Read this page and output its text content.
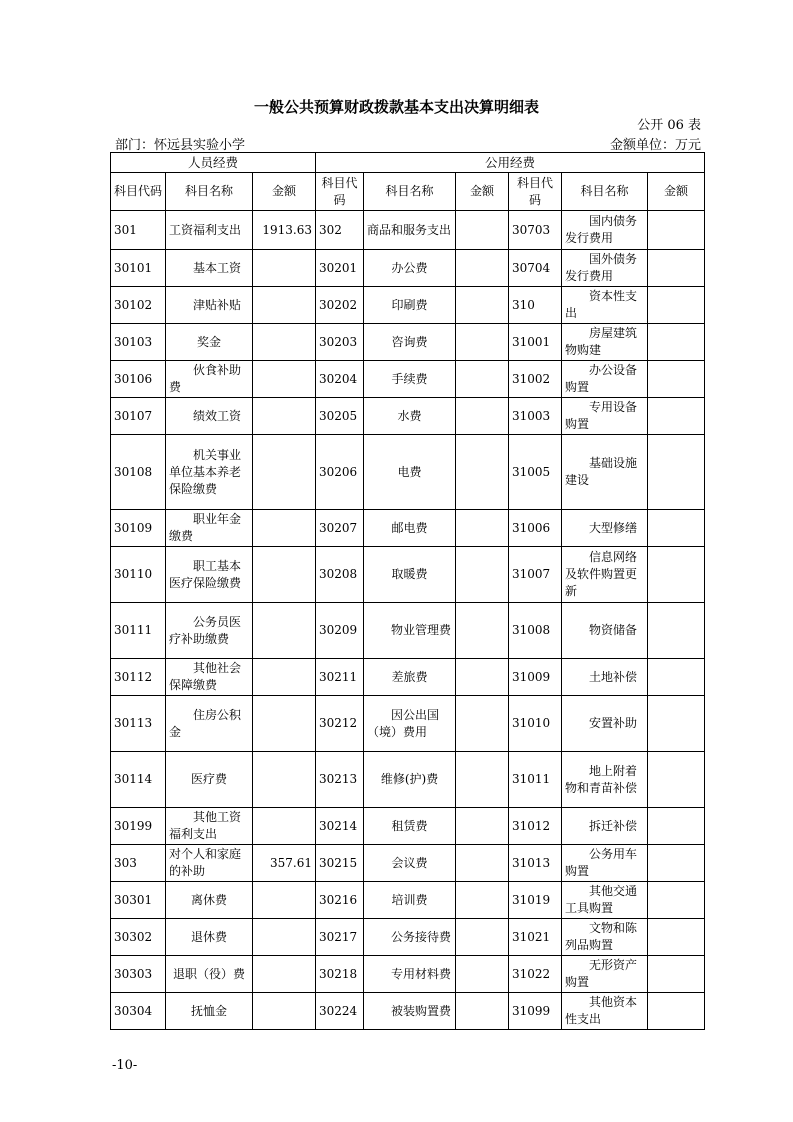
一般公共预算财政拨款基本支出决算明细表
公开 06 表
部门：怀远县实验小学	金额单位：万元
人员经费			公用经费					
科目代码	科目名称	金额	科目代码	科目名称	金额	科目代码	科目名称	金额
301	工资福利支出	1913.63	302	商品和服务支出		30703	国内债务发行费用	
30101	基本工资		30201	办公费		30704	国外债务发行费用	
30102	津贴补贴		30202	印刷费		310	资本性支出	
30103	奖金		30203	咨询费		31001	房屋建筑物购建	
30106	伙食补助费		30204	手续费		31002	办公设备购置	
30107	绩效工资		30205	水费		31003	专用设备购置	
30108	机关事业单位基本养老保险缴费		30206	电费		31005	基础设施建设	
30109	职业年金缴费		30207	邮电费		31006	大型修缮	
30110	职工基本医疗保险缴费		30208	取暖费		31007	信息网络及软件购置更新	
30111	公务员医疗补助缴费		30209	物业管理费		31008	物资储备	
30112	其他社会保障缴费		30211	差旅费		31009	土地补偿	
30113	住房公积金		30212	因公出国（境）费用		31010	安置补助	
30114	医疗费		30213	维修(护)费		31011	地上附着物和青苗补偿	
30199	其他工资福利支出		30214	租赁费		31012	拆迁补偿	
303	对个人和家庭的补助	357.61	30215	会议费		31013	公务用车购置	
30301	离休费		30216	培训费		31019	其他交通工具购置	
30302	退休费		30217	公务接待费		31021	文物和陈列品购置	
30303	退职（役）费		30218	专用材料费		31022	无形资产购置	
30304	抚恤金		30224	被装购置费		31099	其他资本性支出	
-10-
